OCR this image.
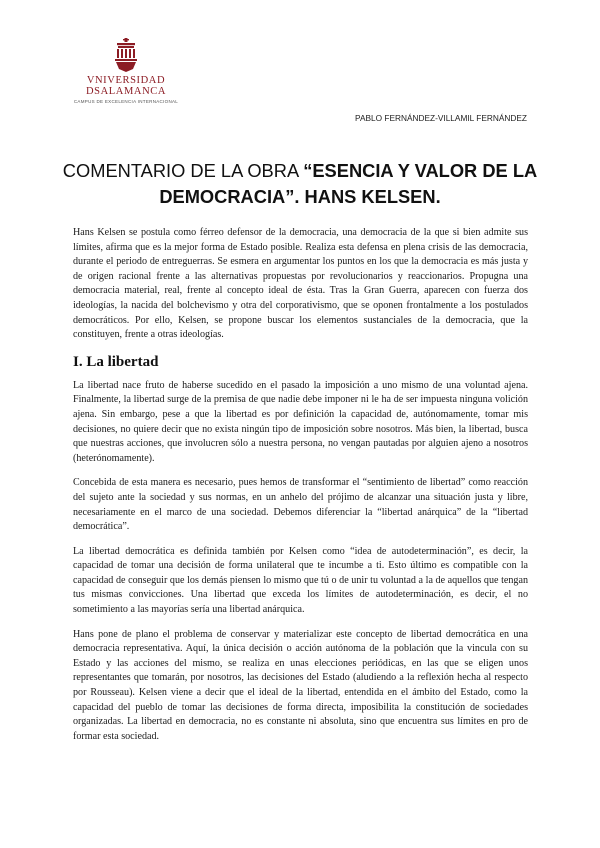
VNIVERSIDAD
DSALAMANCA
CAMPUS DE EXCELENCIA INTERNACIONAL
PABLO FERNÁNDEZ-VILLAMIL FERNÁNDEZ
COMENTARIO DE LA OBRA “ESENCIA Y VALOR DE LA DEMOCRACIA”. HANS KELSEN.

Hans Kelsen se postula como férreo defensor de la democracia, una democracia de la que si bien admite sus límites, afirma que es la mejor forma de Estado posible. Realiza esta defensa en plena crisis de las democracia, durante el periodo de entreguerras. Se esmera en argumentar los puntos en los que la democracia es más justa y de origen racional frente a las alternativas propuestas por revolucionarios y reaccionarios. Propugna una democracia material, real, frente al concepto ideal de ésta. Tras la Gran Guerra, aparecen con fuerza dos ideologías, la nacida del bolchevismo y otra del corporativismo, que se oponen frontalmente a los postulados democráticos. Por ello, Kelsen, se propone buscar los elementos sustanciales de la democracia, que la constituyen, frente a otras ideologías.

I. La libertad

La libertad nace fruto de haberse sucedido en el pasado la imposición a uno mismo de una voluntad ajena. Finalmente, la libertad surge de la premisa de que nadie debe imponer ni le ha de ser impuesta ninguna volición ajena. Sin embargo, pese a que la libertad es por definición la capacidad de, autónomamente, tomar mis decisiones, no quiere decir que no exista ningún tipo de imposición sobre nosotros. Más bien, la libertad, busca que nuestras acciones, que involucren sólo a nuestra persona, no vengan pautadas por alguien ajeno a nosotros (heterónomamente).

Concebida de esta manera es necesario, pues hemos de transformar el “sentimiento de libertad” como reacción del sujeto ante la sociedad y sus normas, en un anhelo del prójimo de alcanzar una situación justa y libre, necesariamente en el marco de una sociedad. Debemos diferenciar la “libertad anárquica” de la “libertad democrática”.

La libertad democrática es definida también por Kelsen como “idea de autodeterminación”, es decir, la capacidad de tomar una decisión de forma unilateral que te incumbe a ti. Esto último es compatible con la capacidad de conseguir que los demás piensen lo mismo que tú o de unir tu voluntad a la de aquellos que tengan tus mismas convicciones. Una libertad que exceda los límites de autodeterminación, es decir, el no sometimiento a las mayorías sería una libertad anárquica.

Hans pone de plano el problema de conservar y materializar este concepto de libertad democrática en una democracia representativa. Aquí, la única decisión o acción autónoma de la población que la vincula con su Estado y las acciones del mismo, se realiza en unas elecciones periódicas, en las que se eligen unos representantes que tomarán, por nosotros, las decisiones del Estado (aludiendo a la reflexión hecha al respecto por Rousseau). Kelsen viene a decir que el ideal de la libertad, entendida en el ámbito del Estado, como la capacidad del pueblo de tomar las decisiones de forma directa, imposibilita la constitución de sociedades organizadas. La libertad en democracia, no es constante ni absoluta, sino que encuentra sus límites en pro de formar esta sociedad.
